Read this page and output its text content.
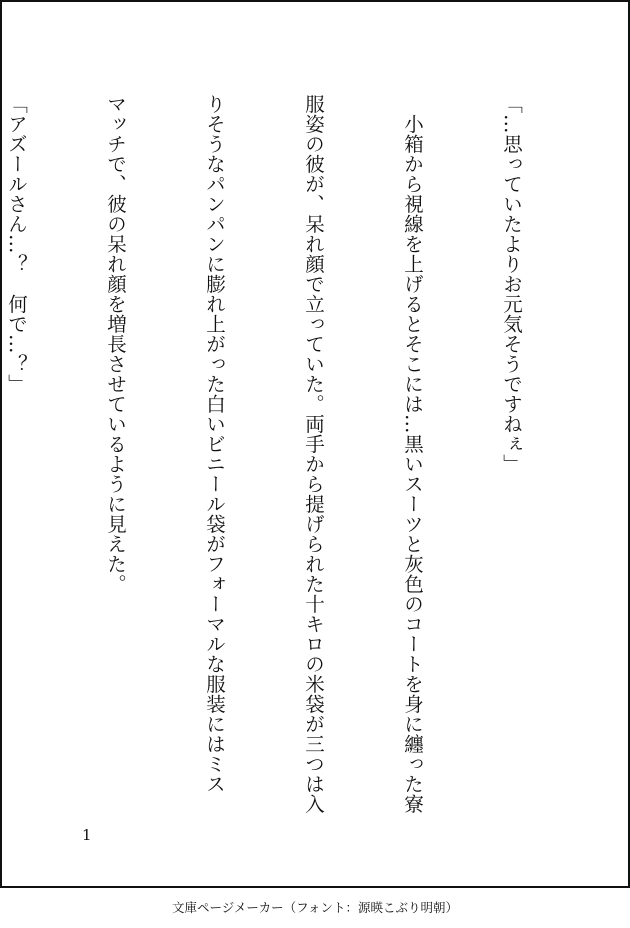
「…思っていたよりお元気そうですねぇ」

　小箱から視線を上げるとそこには…黒いスーツと灰色のコートを身に纏った寮

服姿の彼が、呆れ顔で立っていた。両手から提げられた十キロの米袋が三つは入

りそうなパンパンに膨れ上がった白いビニール袋がフォーマルな服装にはミス

マッチで、彼の呆れ顔を増長させているように見えた。

「アズールさん…？　何で…？」

1
文庫ページメーカー（フォント：源暎こぶり明朝）
